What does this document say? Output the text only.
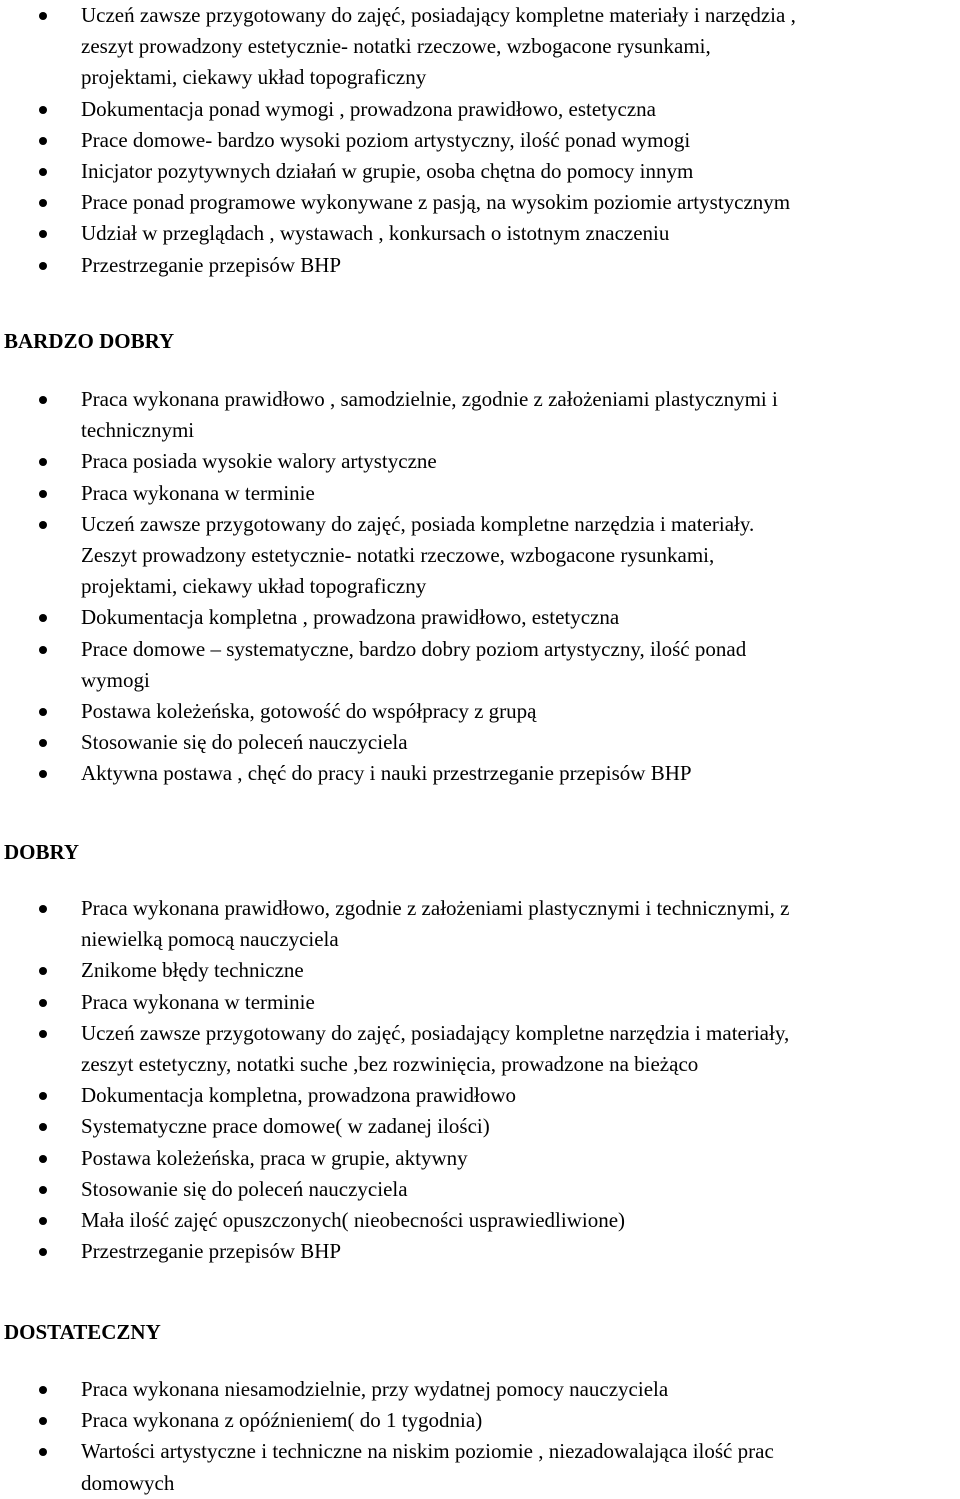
Uczeń zawsze przygotowany do zajęć, posiadający kompletne materiały i narzędzia ,
zeszyt prowadzony estetycznie- notatki rzeczowe, wzbogacone rysunkami,
projektami, ciekawy układ topograficzny
Dokumentacja ponad wymogi , prowadzona prawidłowo, estetyczna
Prace domowe- bardzo wysoki poziom artystyczny, ilość ponad wymogi
Inicjator pozytywnych działań w grupie, osoba chętna do pomocy innym
Prace ponad programowe wykonywane z pasją, na wysokim poziomie artystycznym
Udział w przeglądach , wystawach , konkursach o istotnym znaczeniu
Przestrzeganie przepisów BHP
BARDZO DOBRY
Praca wykonana prawidłowo , samodzielnie, zgodnie z założeniami plastycznymi i
technicznymi
Praca posiada wysokie walory artystyczne
Praca wykonana w terminie
Uczeń zawsze przygotowany do zajęć, posiada kompletne narzędzia i materiały.
Zeszyt prowadzony estetycznie- notatki rzeczowe, wzbogacone rysunkami,
projektami, ciekawy układ topograficzny
Dokumentacja kompletna , prowadzona prawidłowo, estetyczna
Prace domowe – systematyczne, bardzo dobry poziom artystyczny, ilość ponad
wymogi
Postawa koleżeńska, gotowość do współpracy z grupą
Stosowanie się do poleceń nauczyciela
Aktywna postawa , chęć do pracy i nauki przestrzeganie przepisów BHP
DOBRY
Praca wykonana prawidłowo, zgodnie z założeniami plastycznymi i technicznymi, z
niewielką pomocą nauczyciela
Znikome błędy techniczne
Praca wykonana w terminie
Uczeń zawsze przygotowany do zajęć, posiadający kompletne narzędzia i materiały,
zeszyt estetyczny, notatki suche ,bez rozwinięcia, prowadzone na bieżąco
Dokumentacja kompletna, prowadzona prawidłowo
Systematyczne prace domowe( w zadanej ilości)
Postawa koleżeńska, praca w grupie, aktywny
Stosowanie się do poleceń nauczyciela
Mała ilość zajęć opuszczonych( nieobecności usprawiedliwione)
Przestrzeganie przepisów BHP
DOSTATECZNY
Praca wykonana niesamodzielnie, przy wydatnej pomocy nauczyciela
Praca wykonana z opóźnieniem( do 1 tygodnia)
Wartości artystyczne i techniczne na niskim poziomie , niezadowalająca ilość prac
domowych
